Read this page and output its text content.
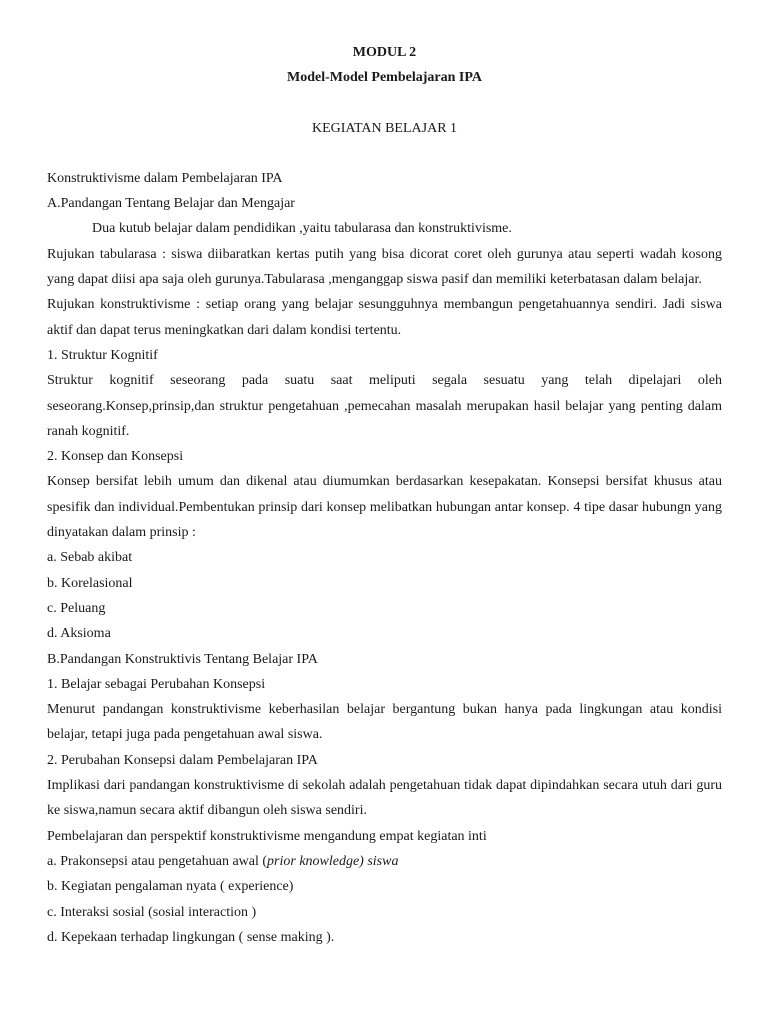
MODUL 2
Model-Model Pembelajaran IPA
KEGIATAN BELAJAR 1
Konstruktivisme dalam Pembelajaran IPA
A.Pandangan Tentang Belajar dan Mengajar

Dua kutub belajar dalam pendidikan ,yaitu tabularasa dan konstruktivisme.

Rujukan tabularasa : siswa diibaratkan kertas putih yang bisa dicorat coret oleh gurunya atau seperti wadah kosong yang dapat diisi apa saja oleh gurunya.Tabularasa ,menganggap siswa pasif dan memiliki keterbatasan dalam belajar.

Rujukan konstruktivisme : setiap orang yang belajar sesungguhnya membangun pengetahuannya sendiri. Jadi siswa aktif dan dapat terus meningkatkan dari dalam kondisi tertentu.

1. Struktur Kognitif

Struktur kognitif seseorang pada suatu saat meliputi segala sesuatu yang telah dipelajari oleh seseorang.Konsep,prinsip,dan struktur pengetahuan ,pemecahan masalah merupakan hasil belajar yang penting dalam ranah kognitif.

2. Konsep dan Konsepsi

Konsep bersifat lebih umum dan dikenal atau diumumkan berdasarkan kesepakatan. Konsepsi bersifat khusus atau spesifik dan individual.Pembentukan prinsip dari konsep melibatkan hubungan antar konsep. 4 tipe dasar hubungn yang dinyatakan dalam prinsip :

a. Sebab akibat
b. Korelasional
c. Peluang
d. Aksioma
B.Pandangan Konstruktivis Tentang Belajar IPA
1. Belajar sebagai Perubahan Konsepsi

Menurut pandangan konstruktivisme keberhasilan belajar bergantung bukan hanya pada lingkungan atau kondisi belajar, tetapi juga pada pengetahuan awal siswa.

2. Perubahan Konsepsi dalam Pembelajaran IPA

Implikasi dari pandangan konstruktivisme di sekolah adalah pengetahuan tidak dapat dipindahkan secara utuh dari guru ke siswa,namun secara aktif dibangun oleh siswa sendiri.

Pembelajaran dan perspektif konstruktivisme mengandung empat kegiatan inti

a. Prakonsepsi atau pengetahuan awal (prior knowledge) siswa
b. Kegiatan pengalaman nyata ( experience)
c. Interaksi sosial (sosial interaction )
d. Kepekaan terhadap lingkungan ( sense making ).
